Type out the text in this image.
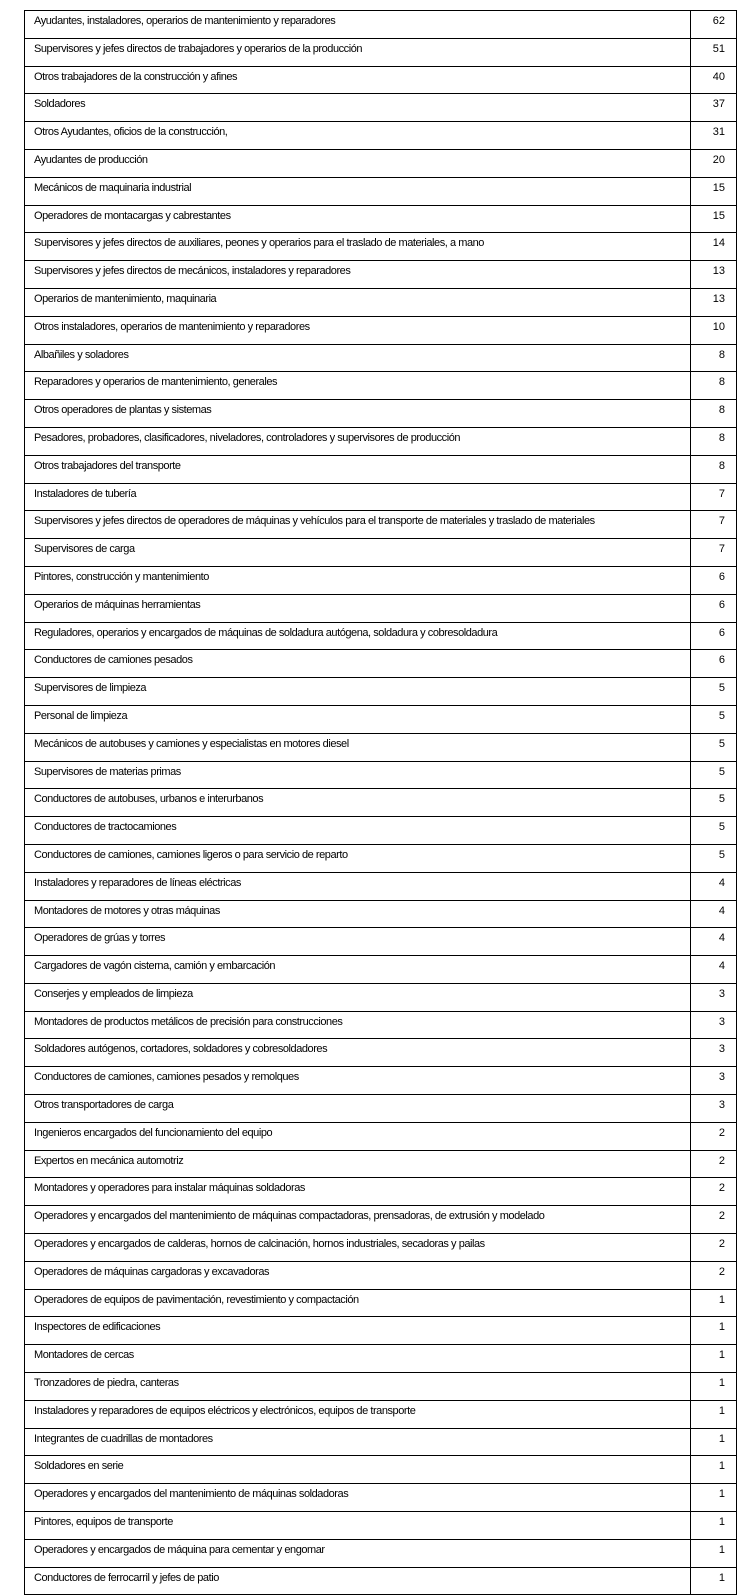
Ayudantes, instaladores, operarios de mantenimiento y reparadores	62
Supervisores y jefes directos de trabajadores y operarios de la producción	51
Otros trabajadores de la construcción y afines	40
Soldadores	37
Otros Ayudantes, oficios de la construcción,	31
Ayudantes de producción	20
Mecánicos de maquinaria industrial	15
Operadores de montacargas y cabrestantes	15
Supervisores y jefes directos de auxiliares, peones y operarios para el traslado de materiales, a mano	14
Supervisores y jefes directos de mecánicos, instaladores y reparadores	13
Operarios de mantenimiento, maquinaria	13
Otros instaladores, operarios de mantenimiento y reparadores	10
Albañiles y soladores	8
Reparadores y operarios de mantenimiento, generales	8
Otros operadores de plantas y sistemas	8
Pesadores, probadores, clasificadores, niveladores, controladores y supervisores de producción	8
Otros trabajadores del transporte	8
Instaladores de tubería	7
Supervisores y jefes directos de operadores de máquinas y vehículos para el transporte de materiales y traslado de materiales	7
Supervisores de carga	7
Pintores, construcción y mantenimiento	6
Operarios de máquinas herramientas	6
Reguladores, operarios y encargados de máquinas de soldadura autógena, soldadura y cobresoldadura	6
Conductores de camiones pesados	6
Supervisores de limpieza	5
Personal de limpieza	5
Mecánicos de autobuses y camiones y especialistas en motores diesel	5
Supervisores de materias primas	5
Conductores de autobuses, urbanos e interurbanos	5
Conductores de tractocamiones	5
Conductores de camiones, camiones ligeros o para servicio de reparto	5
Instaladores y reparadores de líneas eléctricas	4
Montadores de motores y otras máquinas	4
Operadores de grúas y torres	4
Cargadores de vagón cisterna, camión y embarcación	4
Conserjes y empleados de limpieza	3
Montadores de productos metálicos de precisión para construcciones	3
Soldadores autógenos, cortadores, soldadores y cobresoldadores	3
Conductores de camiones, camiones pesados y remolques	3
Otros transportadores de carga	3
Ingenieros encargados del funcionamiento del equipo	2
Expertos en mecánica automotriz	2
Montadores y operadores para instalar máquinas soldadoras	2
Operadores y encargados del mantenimiento de máquinas compactadoras, prensadoras, de extrusión y modelado	2
Operadores y encargados de calderas, hornos de calcinación, hornos industriales, secadoras y pailas	2
Operadores de máquinas cargadoras y excavadoras	2
Operadores de equipos de pavimentación, revestimiento y compactación	1
Inspectores de edificaciones	1
Montadores de cercas	1
Tronzadores de piedra, canteras	1
Instaladores y reparadores de equipos eléctricos y electrónicos, equipos de transporte	1
Integrantes de cuadrillas de montadores	1
Soldadores en serie	1
Operadores y encargados del mantenimiento de máquinas soldadoras	1
Pintores, equipos de transporte	1
Operadores y encargados de máquina para cementar y engomar	1
Conductores de ferrocarril y jefes de patio	1
